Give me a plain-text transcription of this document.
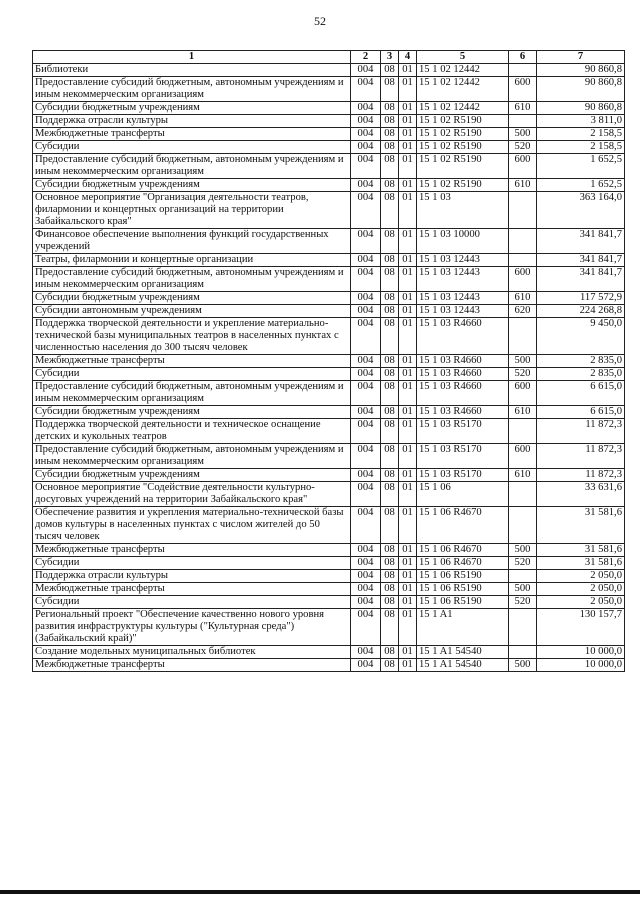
52
1	2	3	4	5	6	7
Библиотеки	004	08	01	15 1 02 12442		90 860,8
Предоставление субсидий бюджетным, автономным учреждениям и иным некоммерческим организациям	004	08	01	15 1 02 12442	600	90 860,8
Субсидии бюджетным учреждениям	004	08	01	15 1 02 12442	610	90 860,8
Поддержка отрасли культуры	004	08	01	15 1 02 R5190		3 811,0
Межбюджетные трансферты	004	08	01	15 1 02 R5190	500	2 158,5
Субсидии	004	08	01	15 1 02 R5190	520	2 158,5
Предоставление субсидий бюджетным, автономным учреждениям и иным некоммерческим организациям	004	08	01	15 1 02 R5190	600	1 652,5
Субсидии бюджетным учреждениям	004	08	01	15 1 02 R5190	610	1 652,5
Основное мероприятие "Организация деятельности театров, филармонии и концертных организаций на территории Забайкальского края"	004	08	01	15 1 03		363 164,0
Финансовое обеспечение выполнения функций государственных учреждений	004	08	01	15 1 03 10000		341 841,7
Театры, филармонии и концертные организации	004	08	01	15 1 03 12443		341 841,7
Предоставление субсидий бюджетным, автономным учреждениям и иным некоммерческим организациям	004	08	01	15 1 03 12443	600	341 841,7
Субсидии бюджетным учреждениям	004	08	01	15 1 03 12443	610	117 572,9
Субсидии автономным учреждениям	004	08	01	15 1 03 12443	620	224 268,8
Поддержка творческой деятельности и укрепление материально-технической базы муниципальных театров в населенных пунктах с численностью населения до 300 тысяч человек	004	08	01	15 1 03 R4660		9 450,0
Межбюджетные трансферты	004	08	01	15 1 03 R4660	500	2 835,0
Субсидии	004	08	01	15 1 03 R4660	520	2 835,0
Предоставление субсидий бюджетным, автономным учреждениям и иным некоммерческим организациям	004	08	01	15 1 03 R4660	600	6 615,0
Субсидии бюджетным учреждениям	004	08	01	15 1 03 R4660	610	6 615,0
Поддержка творческой деятельности и техническое оснащение детских и кукольных театров	004	08	01	15 1 03 R5170		11 872,3
Предоставление субсидий бюджетным, автономным учреждениям и иным некоммерческим организациям	004	08	01	15 1 03 R5170	600	11 872,3
Субсидии бюджетным учреждениям	004	08	01	15 1 03 R5170	610	11 872,3
Основное мероприятие "Содействие деятельности культурно-досуговых учреждений на территории Забайкальского края"	004	08	01	15 1 06		33 631,6
Обеспечение развития и укрепления материально-технической базы домов культуры в населенных пунктах с числом жителей до 50 тысяч человек	004	08	01	15 1 06 R4670		31 581,6
Межбюджетные трансферты	004	08	01	15 1 06 R4670	500	31 581,6
Субсидии	004	08	01	15 1 06 R4670	520	31 581,6
Поддержка отрасли культуры	004	08	01	15 1 06 R5190		2 050,0
Межбюджетные трансферты	004	08	01	15 1 06 R5190	500	2 050,0
Субсидии	004	08	01	15 1 06 R5190	520	2 050,0
Региональный проект "Обеспечение качественно нового уровня развития инфраструктуры культуры ("Культурная среда") (Забайкальский край)"	004	08	01	15 1 A1		130 157,7
Создание модельных муниципальных библиотек	004	08	01	15 1 A1 54540		10 000,0
Межбюджетные трансферты	004	08	01	15 1 A1 54540	500	10 000,0
